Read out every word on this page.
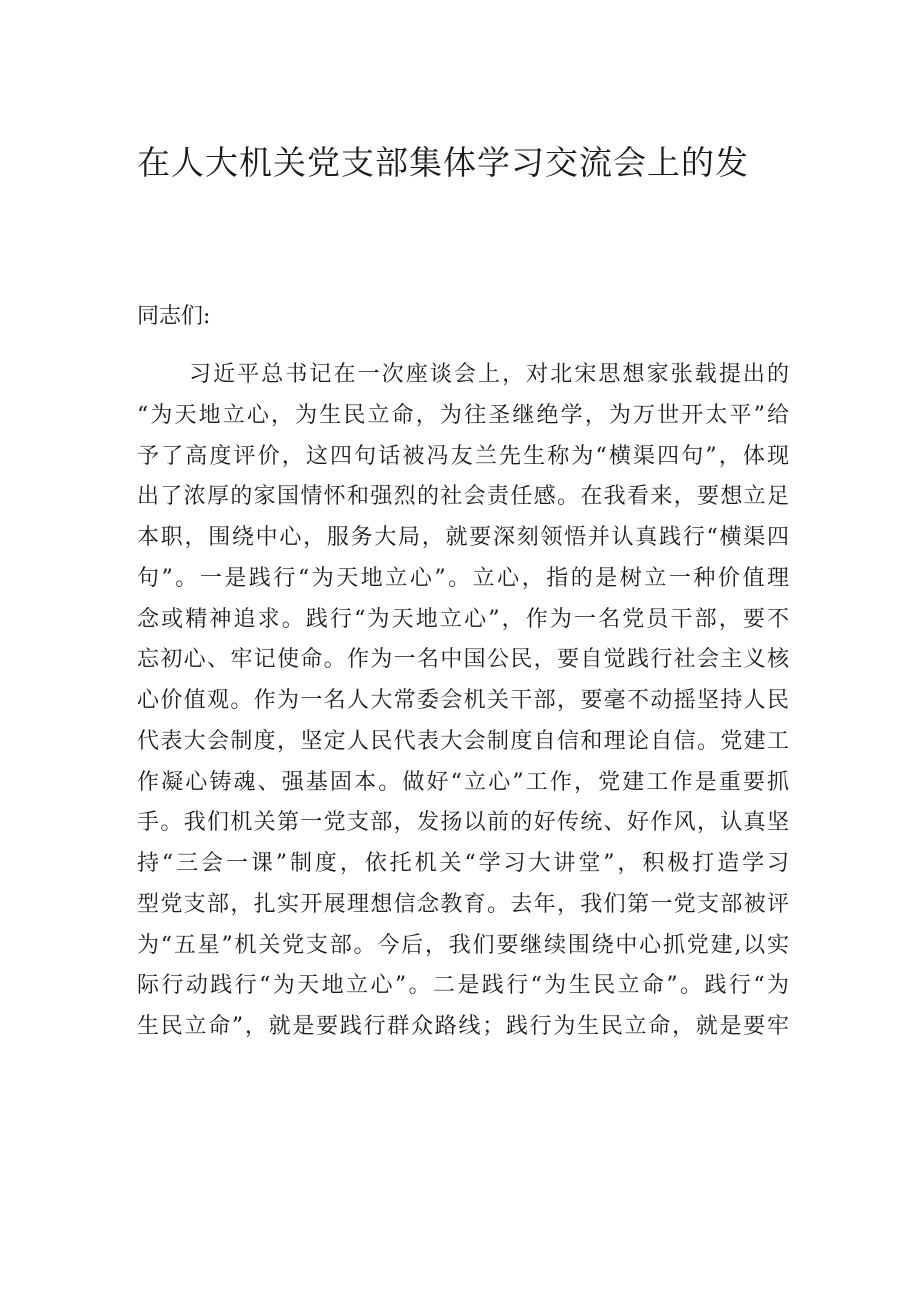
在人大机关党支部集体学习交流会上的发

同志们:

习近平总书记在一次座谈会上，对北宋思想家张载提出的
“为天地立心，为生民立命，为往圣继绝学，为万世开太平”给
予了高度评价，这四句话被冯友兰先生称为“横渠四句”，体现
出了浓厚的家国情怀和强烈的社会责任感。在我看来，要想立足
本职，围绕中心，服务大局，就要深刻领悟并认真践行“横渠四
句”。一是践行“为天地立心”。立心，指的是树立一种价值理
念或精神追求。践行“为天地立心”，作为一名党员干部，要不
忘初心、牢记使命。作为一名中国公民，要自觉践行社会主义核
心价值观。作为一名人大常委会机关干部，要毫不动摇坚持人民
代表大会制度，坚定人民代表大会制度自信和理论自信。党建工
作凝心铸魂、强基固本。做好“立心”工作，党建工作是重要抓
手。我们机关第一党支部，发扬以前的好传统、好作风，认真坚
持“三会一课”制度，依托机关“学习大讲堂”，积极打造学习
型党支部，扎实开展理想信念教育。去年，我们第一党支部被评
为“五星”机关党支部。今后，我们要继续围绕中心抓党建,以实
际行动践行“为天地立心”。二是践行“为生民立命”。践行“为
生民立命”，就是要践行群众路线；践行为生民立命，就是要牢
